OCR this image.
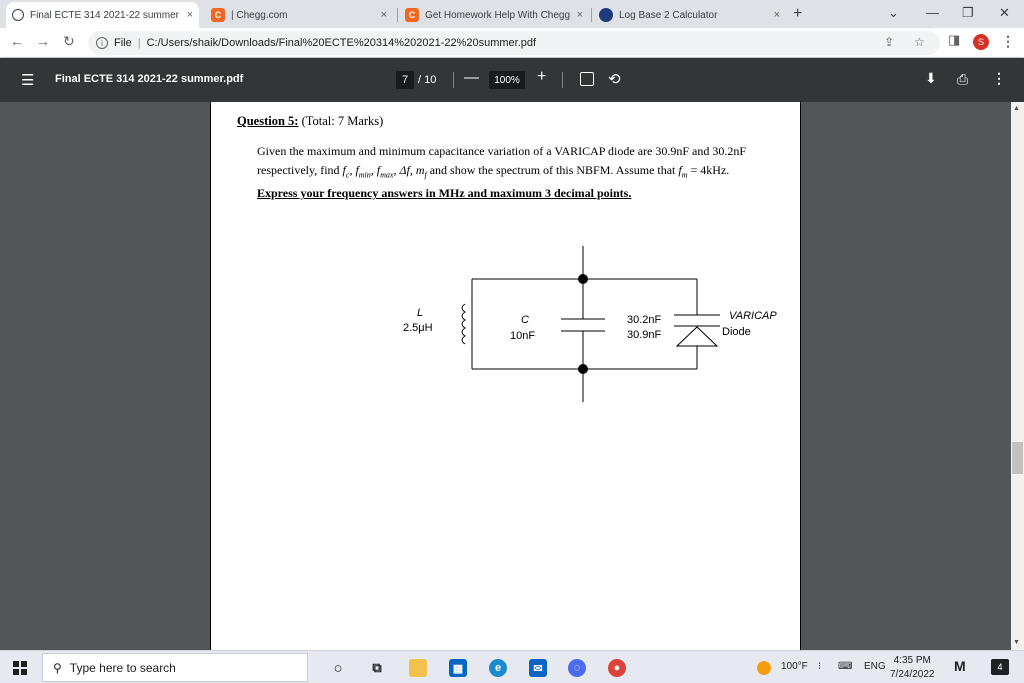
Final ECTE 314 2021-22 summer ×	C | Chegg.com	×	C Get Homework Help With Chegg ×	Log Base 2 Calculator	× +	⌄ — ❐ ✕
← → ↻	i	File | C:/Users/shaik/Downloads/Final%20ECTE%20314%202021-22%20summer.pdf	⇪ ☆ ◨	S	⋮
☰ Final ECTE 314 2021-22 summer.pdf	7 / 10 —	100%	+	⟲	⬇ ⎙ ⋮
Question 5: (Total: 7 Marks)
Given the maximum and minimum capacitance variation of a VARICAP diode are 30.9nF and 30.2nF
respectively, find $f_c$, $f_{min}$, $f_{max}$, Δf, $m_f$ and show the spectrum of this NBFM. Assume that $f_m = 4kHz$.
Express your frequency answers in MHz and maximum 3 decimal points.
L
2.5μH
C
10nF
30.2nF
30.9nF
VARICAP
Diode
▲
▼
⚲ Type here to search	○	⧉	▦	e	✉	◌	●	100°F ⁝ ⌨ ENG
4:35 PM
7/24/2022
M	4
